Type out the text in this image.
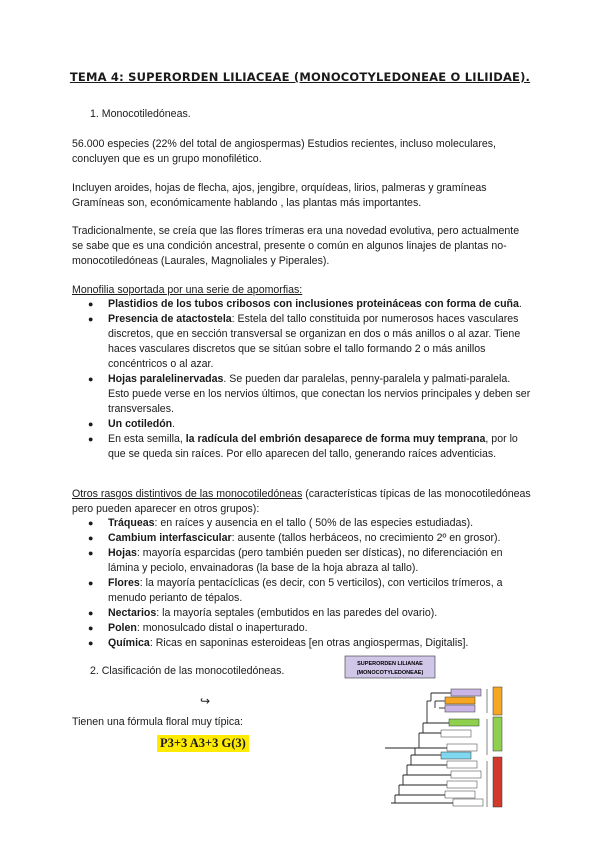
TEMA 4: SUPERORDEN LILIACEAE (MONOCOTYLEDONEAE O LILIIDAE).
1. Monocotiledóneas.
56.000 especies (22% del total de angiospermas) Estudios recientes, incluso moleculares, concluyen que es un grupo monofilético.
Incluyen aroides, hojas de flecha, ajos, jengibre, orquídeas, lirios, palmeras y gramíneas Gramíneas son, económicamente hablando , las plantas más importantes.
Tradicionalmente, se creía que las flores trímeras era una novedad evolutiva, pero actualmente se sabe que es una condición ancestral, presente o común en algunos linajes de plantas no-monocotiledóneas (Laurales, Magnoliales y Piperales).
Monofilia soportada por una serie de apomorfias:
● Plastidios de los tubos cribosos con inclusiones proteináceas con forma de cuña.
● Presencia de atactostela: Estela del tallo constituida por numerosos haces vasculares discretos, que en sección transversal se organizan en dos o más anillos o al azar. Tiene haces vasculares discretos que se sitúan sobre el tallo formando 2 o más anillos concéntricos o al azar.
● Hojas paralelinervadas. Se pueden dar paralelas, penny-paralela y palmati-paralela. Esto puede verse en los nervios últimos, que conectan los nervios principales y deben ser transversales.
● Un cotiledón.
● En esta semilla, la radícula del embrión desaparece de forma muy temprana, por lo que se queda sin raíces. Por ello aparecen del tallo, generando raíces adventicias.
Otros rasgos distintivos de las monocotiledóneas (características típicas de las monocotiledóneas pero pueden aparecer en otros grupos):
● Tráqueas: en raíces y ausencia en el tallo ( 50% de las especies estudiadas).
● Cambium interfascicular: ausente (tallos herbáceos, no crecimiento 2º en grosor).
● Hojas: mayoría esparcidas (pero también pueden ser dísticas), no diferenciación en lámina y peciolo, envainadoras (la base de la hoja abraza al tallo).
● Flores: la mayoría pentacíclicas (es decir, con 5 verticilos), con verticilos trímeros, a menudo perianto de tépalos.
● Nectarios: la mayoría septales (embutidos en las paredes del ovario).
● Polen: monosulcado distal o inaperturado.
● Química: Ricas en saponinas esteroideas [en otras angiospermas, Digitalis].
2. Clasificación de las monocotiledóneas.
↪
Tienen una fórmula floral muy típica:
P3+3 A3+3 G(3)
SUPERORDEN LILIANAE
(MONOCOTYLEDONEAE)
